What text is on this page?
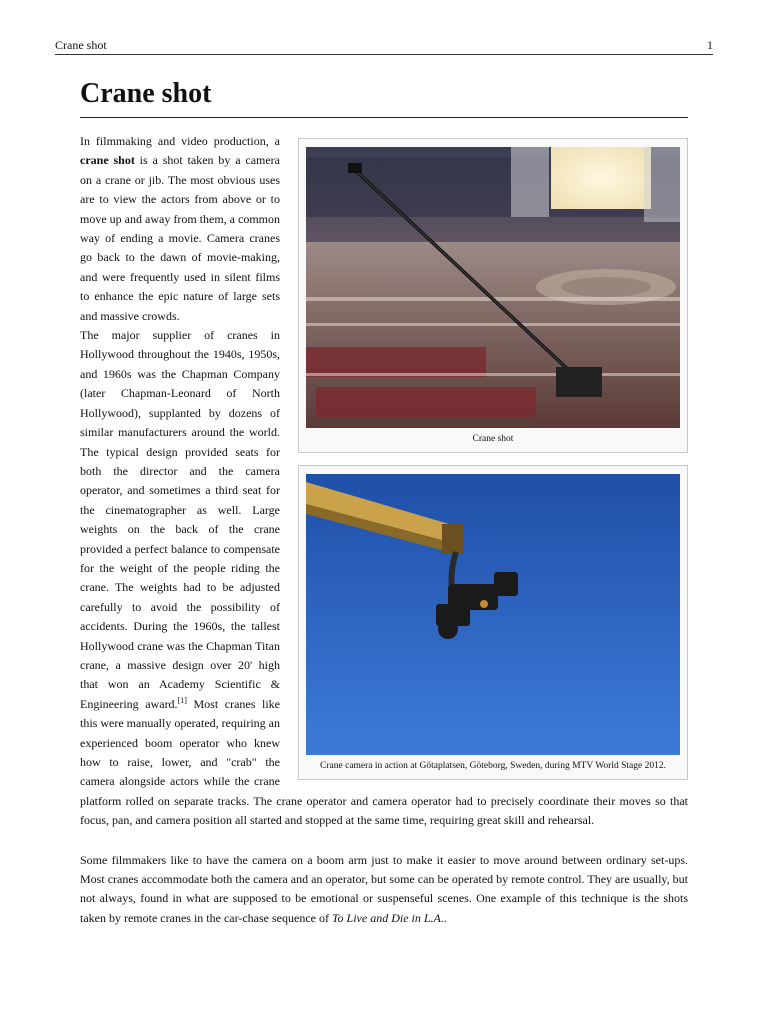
Crane shot	1
Crane shot
Crane shot

In filmmaking and video production, a crane shot is a shot taken by a camera on a crane or jib. The most obvious uses are to view the actors from above or to move up and away from them, a common way of ending a movie. Camera cranes go back to the dawn of movie-making, and were frequently used in silent films to enhance the epic nature of large sets and massive crowds.

Crane camera in action at Götaplatsen, Göteborg, Sweden, during MTV World Stage 2012.

The major supplier of cranes in Hollywood throughout the 1940s, 1950s, and 1960s was the Chapman Company (later Chapman-Leonard of North Hollywood), supplanted by dozens of similar manufacturers around the world. The typical design provided seats for both the director and the camera operator, and sometimes a third seat for the cinematographer as well. Large weights on the back of the crane provided a perfect balance to compensate for the weight of the people riding the crane. The weights had to be adjusted carefully to avoid the possibility of accidents. During the 1960s, the tallest Hollywood crane was the Chapman Titan crane, a massive design over 20' high that won an Academy Scientific & Engineering award.[1] Most cranes like this were manually operated, requiring an experienced boom operator who knew how to raise, lower, and "crab" the camera alongside actors while the crane platform rolled on separate tracks. The crane operator and camera operator had to precisely coordinate their moves so that focus, pan, and camera position all started and stopped at the same time, requiring great skill and rehearsal.

Some filmmakers like to have the camera on a boom arm just to make it easier to move around between ordinary set-ups. Most cranes accommodate both the camera and an operator, but some can be operated by remote control. They are usually, but not always, found in what are supposed to be emotional or suspenseful scenes. One example of this technique is the shots taken by remote cranes in the car-chase sequence of To Live and Die in L.A..
